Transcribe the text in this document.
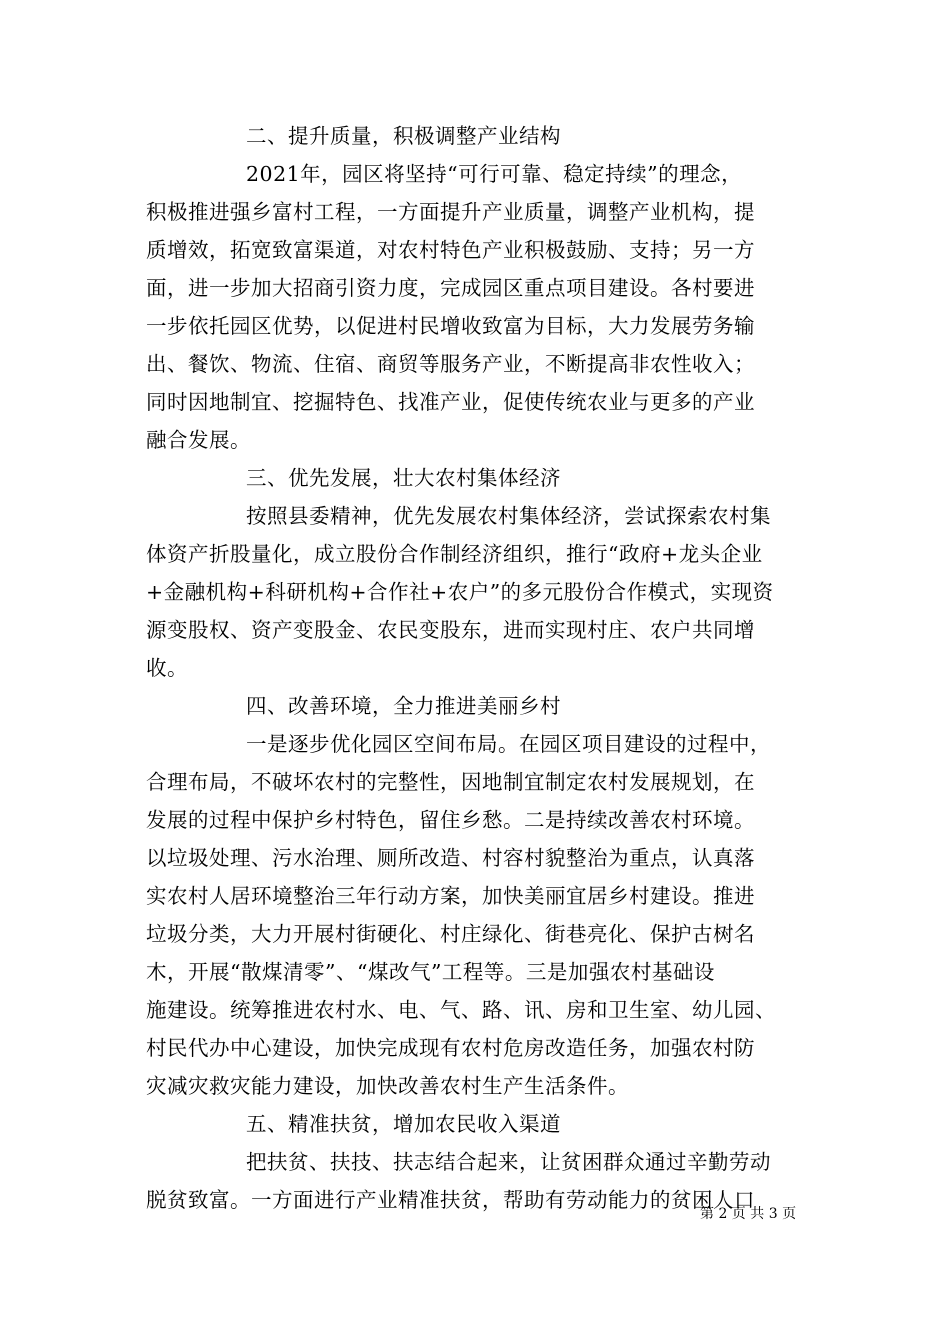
二、提升质量，积极调整产业结构
2021年，园区将坚持“可行可靠、稳定持续”的理念，
积极推进强乡富村工程，一方面提升产业质量，调整产业机构，提
质增效，拓宽致富渠道，对农村特色产业积极鼓励、支持；另一方
面，进一步加大招商引资力度，完成园区重点项目建设。各村要进
一步依托园区优势，以促进村民增收致富为目标，大力发展劳务输
出、餐饮、物流、住宿、商贸等服务产业，不断提高非农性收入；
同时因地制宜、挖掘特色、找准产业，促使传统农业与更多的产业
融合发展。
三、优先发展，壮大农村集体经济
按照县委精神，优先发展农村集体经济，尝试探索农村集
体资产折股量化，成立股份合作制经济组织，推行“政府+龙头企业
+金融机构+科研机构+合作社+农户”的多元股份合作模式，实现资
源变股权、资产变股金、农民变股东，进而实现村庄、农户共同增
收。
四、改善环境，全力推进美丽乡村
一是逐步优化园区空间布局。在园区项目建设的过程中，
合理布局，不破坏农村的完整性，因地制宜制定农村发展规划，在
发展的过程中保护乡村特色，留住乡愁。二是持续改善农村环境。
以垃圾处理、污水治理、厕所改造、村容村貌整治为重点，认真落
实农村人居环境整治三年行动方案，加快美丽宜居乡村建设。推进
垃圾分类，大力开展村街硬化、村庄绿化、街巷亮化、保护古树名
木，开展“散煤清零”、“煤改气”工程等。三是加强农村基础设
施建设。统筹推进农村水、电、气、路、讯、房和卫生室、幼儿园、
村民代办中心建设，加快完成现有农村危房改造任务，加强农村防
灾减灾救灾能力建设，加快改善农村生产生活条件。
五、精准扶贫，增加农民收入渠道
把扶贫、扶技、扶志结合起来，让贫困群众通过辛勤劳动
脱贫致富。一方面进行产业精准扶贫，帮助有劳动能力的贫困人口
第 2 页 共 3 页
